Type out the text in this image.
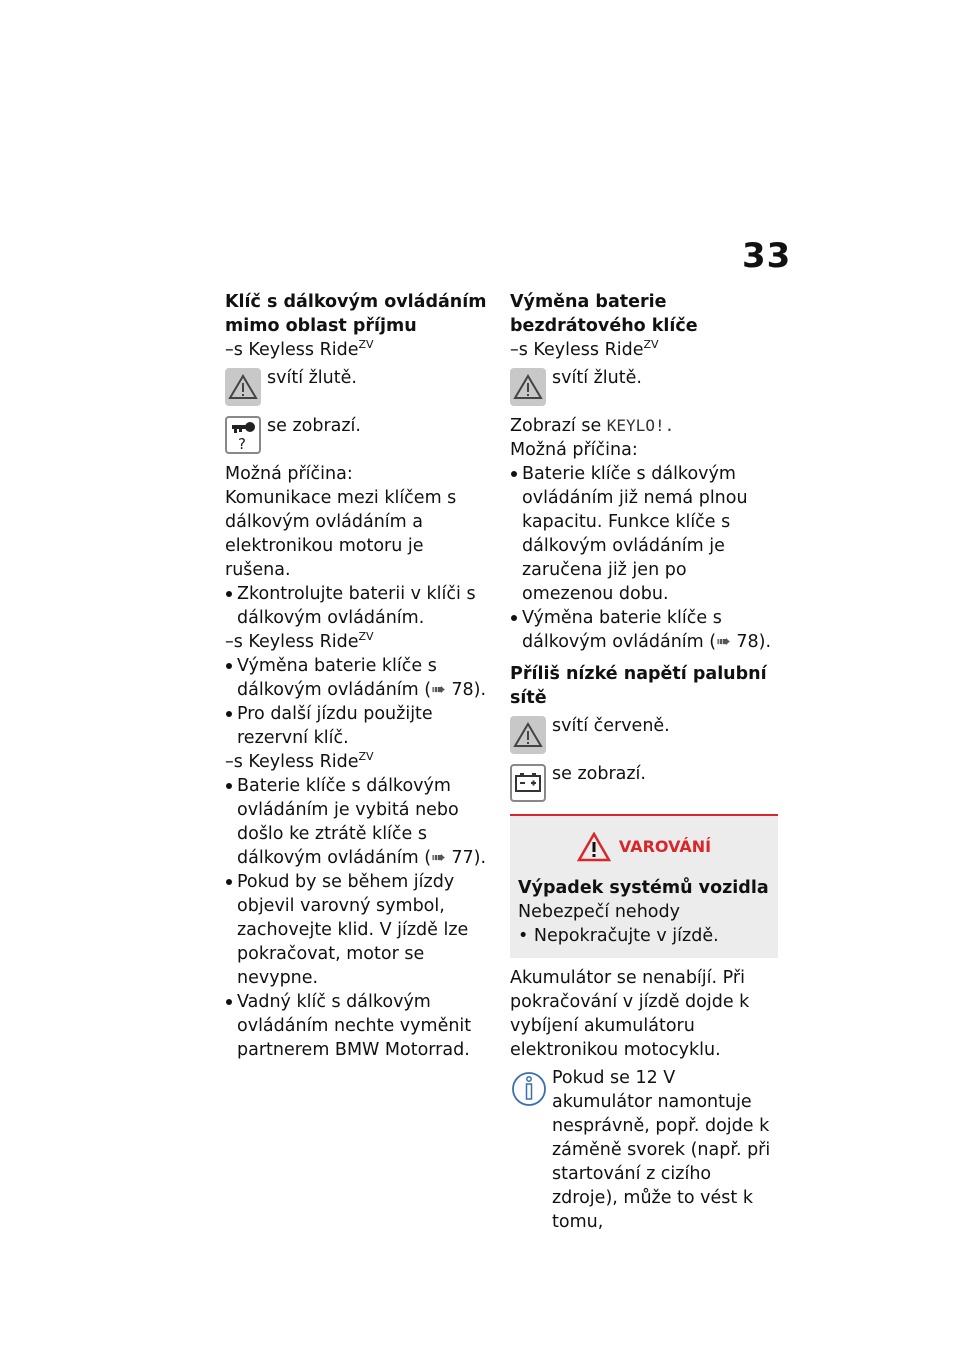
33

Klíč s dálkovým ovládáním mimo oblast příjmu

–s Keyless Ride$^{ZV}$

svítí žlutě.
?
se zobrazí.

Možná příčina:

Komunikace mezi klíčem s dálkovým ovládáním a elektronikou motoru je rušena.

Zkontrolujte baterii v klíči s dálkovým ovládáním.

–s Keyless Ride$^{ZV}$

Výměna baterie klíče s dálkovým ovládáním (➠ 78).

Pro další jízdu použijte rezervní klíč.

–s Keyless Ride$^{ZV}$

Baterie klíče s dálkovým ovládáním je vybitá nebo došlo ke ztrátě klíče s dálkovým ovládáním (➠ 77).

Pokud by se během jízdy objevil varovný symbol, zachovejte klid. V jízdě lze pokračovat, motor se nevypne.

Vadný klíč s dálkovým ovládáním nechte vyměnit partnerem BMW Motorrad.

Výměna baterie bezdrátového klíče

–s Keyless Ride$^{ZV}$

svítí žlutě.

Zobrazí se KEYLO!.

Možná příčina:

Baterie klíče s dálkovým ovládáním již nemá plnou kapacitu. Funkce klíče s dálkovým ovládáním je zaručena již jen po omezenou dobu.

Výměna baterie klíče s dálkovým ovládáním (➠ 78).

Příliš nízké napětí palubní sítě

svítí červeně.
se zobrazí.
VAROVÁNÍ

Výpadek systémů vozidla

Nebezpečí nehody

• Nepokračujte v jízdě.

Akumulátor se nenabíjí. Při pokračování v jízdě dojde k vybíjení akumulátoru elektronikou motocyklu.

Pokud se 12 V akumulátor namontuje nesprávně, popř. dojde k záměně svorek (např. při startování z cizího zdroje), může to vést k tomu,
